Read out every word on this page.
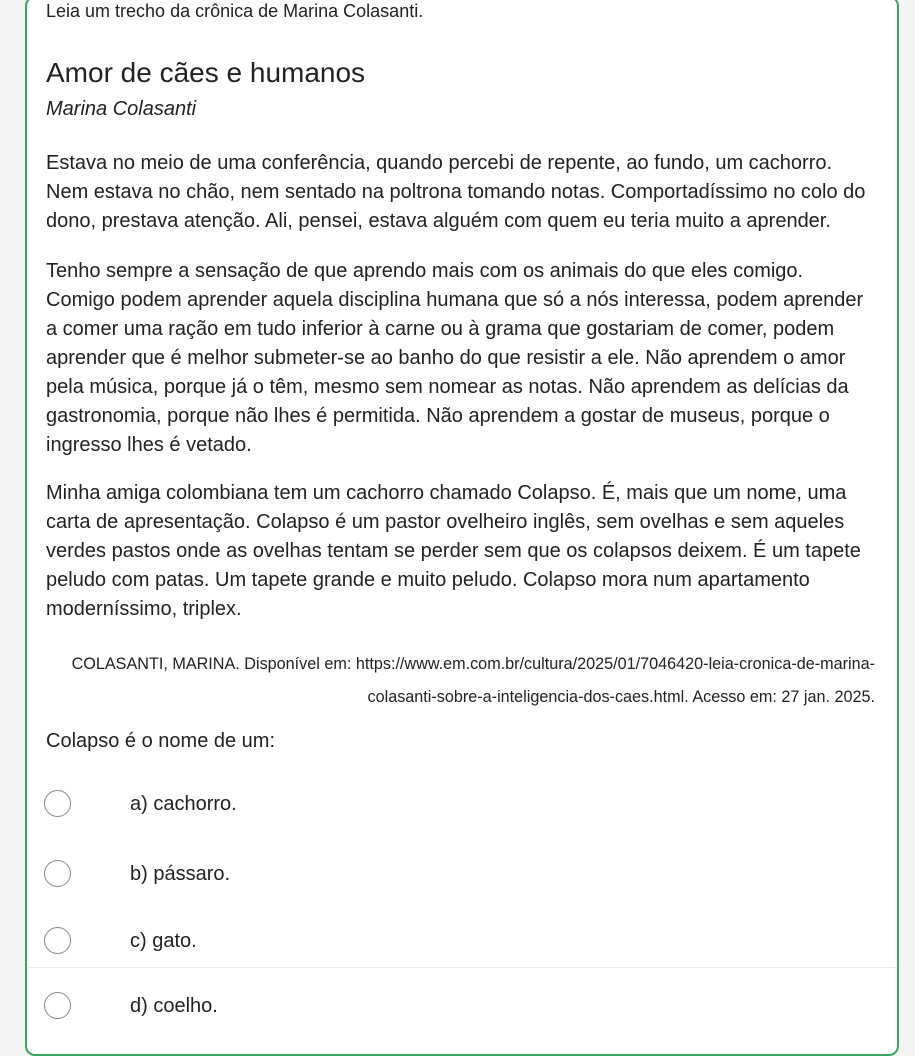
Leia um trecho da crônica de Marina Colasanti.
Amor de cães e humanos
Marina Colasanti
Estava no meio de uma conferência, quando percebi de repente, ao fundo, um cachorro. Nem estava no chão, nem sentado na poltrona tomando notas. Comportadíssimo no colo do dono, prestava atenção. Ali, pensei, estava alguém com quem eu teria muito a aprender.
Tenho sempre a sensação de que aprendo mais com os animais do que eles comigo. Comigo podem aprender aquela disciplina humana que só a nós interessa, podem aprender a comer uma ração em tudo inferior à carne ou à grama que gostariam de comer, podem aprender que é melhor submeter-se ao banho do que resistir a ele. Não aprendem o amor pela música, porque já o têm, mesmo sem nomear as notas. Não aprendem as delícias da gastronomia, porque não lhes é permitida. Não aprendem a gostar de museus, porque o ingresso lhes é vetado.
Minha amiga colombiana tem um cachorro chamado Colapso. É, mais que um nome, uma carta de apresentação. Colapso é um pastor ovelheiro inglês, sem ovelhas e sem aqueles verdes pastos onde as ovelhas tentam se perder sem que os colapsos deixem. É um tapete peludo com patas. Um tapete grande e muito peludo. Colapso mora num apartamento moderníssimo, triplex.
COLASANTI, MARINA. Disponível em: https://www.em.com.br/cultura/2025/01/7046420-leia-cronica-de-marina-colasanti-sobre-a-inteligencia-dos-caes.html. Acesso em: 27 jan. 2025.
Colapso é o nome de um:
a) cachorro.
b) pássaro.
c) gato.
d) coelho.
